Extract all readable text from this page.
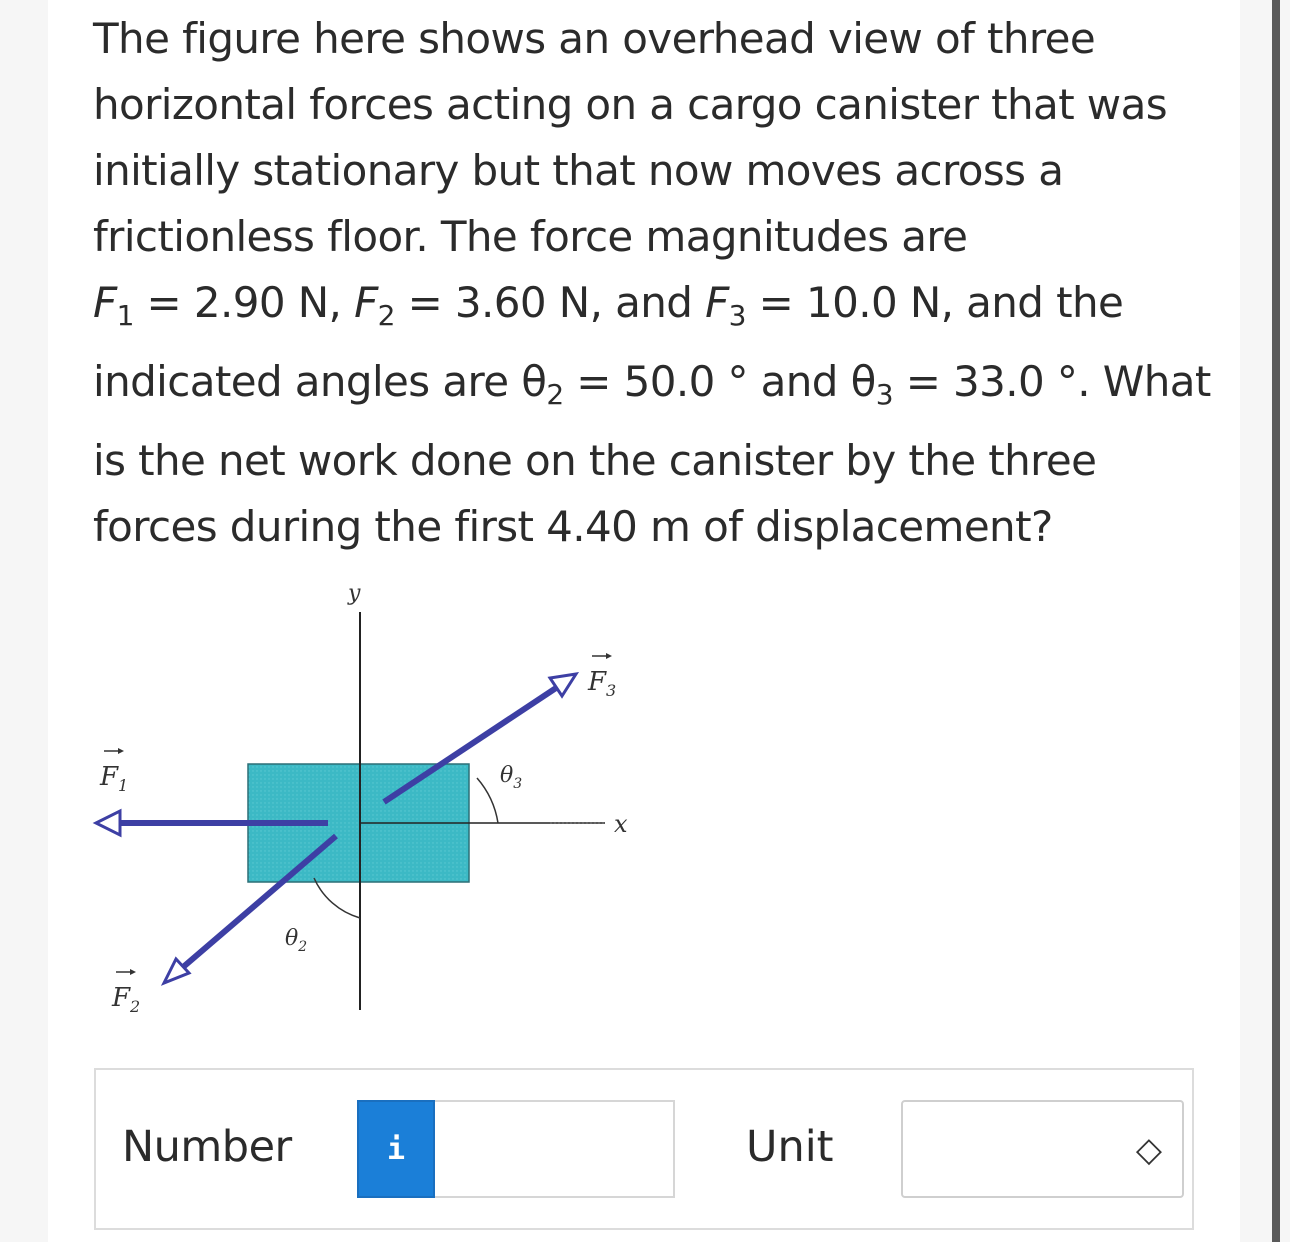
The figure here shows an overhead view of three
horizontal forces acting on a cargo canister that was
initially stationary but that now moves across a
frictionless floor. The force magnitudes are
$F_1 = 2.90$ N, $F_2 = 3.60$ N, and $F_3 = 10.0$ N, and the
indicated angles are $\theta_2 = 50.0$ ° and $\theta_3 = 33.0$ °. What
is the net work done on the canister by the three
forces during the first 4.40 m of displacement?

x
y
$\theta_3$
$\theta_2$
$F_1$
$F_2$
$F_3$
Number	i	Unit	◇
